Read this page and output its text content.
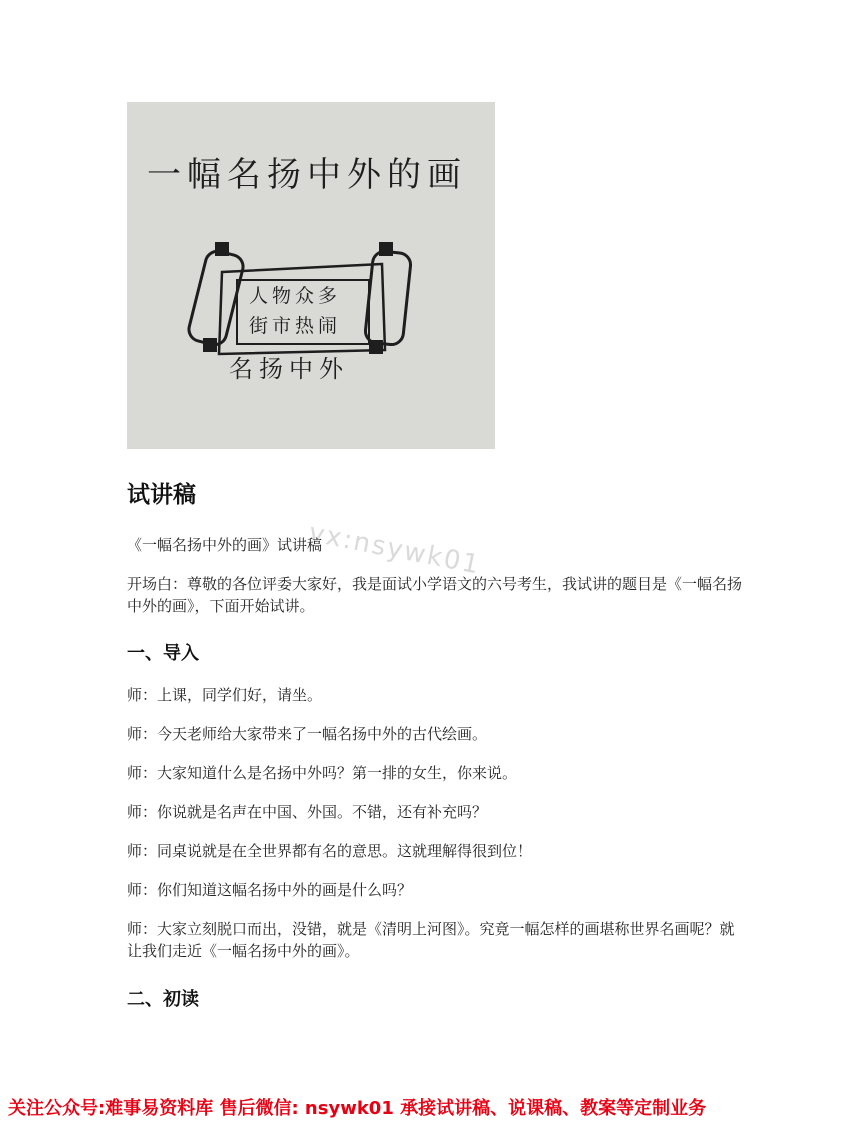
一幅名扬中外的画
人物众多
街市热闹
名扬中外
试讲稿
vx:nsywk01

《一幅名扬中外的画》试讲稿

开场白：尊敬的各位评委大家好，我是面试小学语文的六号考生，我试讲的题目是《一幅名扬中外的画》，下面开始试讲。

一、导入

师：上课，同学们好，请坐。

师：今天老师给大家带来了一幅名扬中外的古代绘画。

师：大家知道什么是名扬中外吗？第一排的女生，你来说。

师：你说就是名声在中国、外国。不错，还有补充吗？

师：同桌说就是在全世界都有名的意思。这就理解得很到位！

师：你们知道这幅名扬中外的画是什么吗？

师：大家立刻脱口而出，没错，就是《清明上河图》。究竟一幅怎样的画堪称世界名画呢？就让我们走近《一幅名扬中外的画》。

二、初读
关注公众号:难事易资料库 售后微信: nsywk01 承接试讲稿、说课稿、教案等定制业务
